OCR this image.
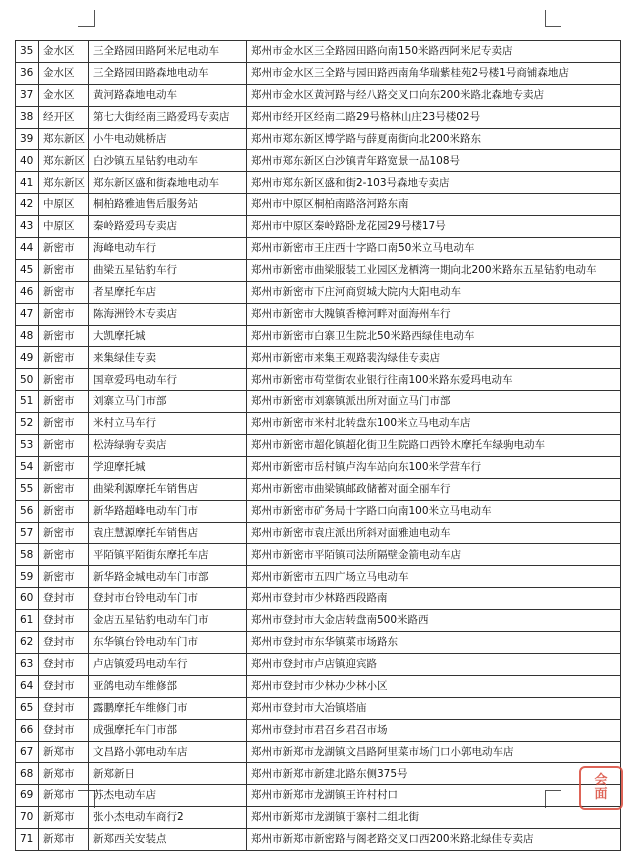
35	金水区	三全路园田路阿米尼电动车	郑州市金水区三全路园田路向南150米路西阿米尼专卖店
36	金水区	三全路园田路森地电动车	郑州市金水区三全路与园田路西南角华瑞紫桂苑2号楼1号商铺森地店
37	金水区	黄河路森地电动车	郑州市金水区黄河路与经八路交叉口向东200米路北森地专卖店
38	经开区	第七大街经南三路爱玛专卖店	郑州市经开区经南二路29号格林山庄23号楼02号
39	郑东新区	小牛电动姚桥店	郑州市郑东新区博学路与薛夏南街向北200米路东
40	郑东新区	白沙镇五星钻豹电动车	郑州市郑东新区白沙镇青年路宽景一品108号
41	郑东新区	郑东新区盛和街森地电动车	郑州市郑东新区盛和街2-103号森地专卖店
42	中原区	桐柏路雅迪售后服务站	郑州市中原区桐柏南路洛河路东南
43	中原区	秦岭路爱玛专卖店	郑州市中原区秦岭路卧龙花园29号楼17号
44	新密市	海峰电动车行	郑州市新密市王庄西十字路口南50米立马电动车
45	新密市	曲梁五星钻豹车行	郑州市新密市曲梁服装工业园区龙栖湾一期向北200米路东五星钻豹电动车
46	新密市	者星摩托车店	郑州市新密市下庄河商贸城大院内大阳电动车
47	新密市	陈海洲铃木专卖店	郑州市新密市大隗镇香樟河畔对面海州车行
48	新密市	大凯摩托城	郑州市新密市白寨卫生院北50米路西绿佳电动车
49	新密市	来集绿佳专卖	郑州市新密市来集王观路裴沟绿佳专卖店
50	新密市	国章爱玛电动车行	郑州市新密市苟堂街农业银行往南100米路东爱玛电动车
51	新密市	刘寨立马门市部	郑州市新密市刘寨镇派出所对面立马门市部
52	新密市	米村立马车行	郑州市新密市米村北转盘东100米立马电动车店
53	新密市	松涛绿驹专卖店	郑州市新密市超化镇超化街卫生院路口西铃木摩托车绿驹电动车
54	新密市	学迎摩托城	郑州市新密市岳村镇卢沟车站向东100米学营车行
55	新密市	曲梁利源摩托车销售店	郑州市新密市曲梁镇邮政储蓄对面全丽车行
56	新密市	新华路超峰电动车门市	郑州市新密市矿务局十字路口向南100米立马电动车
57	新密市	袁庄慧源摩托车销售店	郑州市新密市袁庄派出所斜对面雅迪电动车
58	新密市	平陌镇平陌街东摩托车店	郑州市新密市平陌镇司法所隔壁金箭电动车店
59	新密市	新华路金城电动车门市部	郑州市新密市五四广场立马电动车
60	登封市	登封市台铃电动车门市	郑州市登封市少林路西段路南
61	登封市	金店五星钻豹电动车门市	郑州市登封市大金店转盘南500米路西
62	登封市	东华镇台铃电动车门市	郑州市登封市东华镇菜市场路东
63	登封市	卢店镇爱玛电动车行	郑州市登封市卢店镇迎宾路
64	登封市	亚鸽电动车维修部	郑州市登封市少林办少林小区
65	登封市	露鹏摩托车维修门市	郑州市登封市大冶镇塔庙
66	登封市	成强摩托车门市部	郑州市登封市君召乡君召市场
67	新郑市	文昌路小郭电动车店	郑州市新郑市龙湖镇文昌路阿里菜市场门口小郭电动车店
68	新郑市	新郑新日	郑州市新郑市新建北路东侧375号
69	新郑市	苏杰电动车店	郑州市新郑市龙湖镇王许村村口
70	新郑市	张小杰电动车商行2	郑州市新郑市龙湖镇于寨村二组北街
71	新郑市	新郑西关安装点	郑州市新郑市新密路与阁老路交叉口西200米路北绿佳专卖店
会
面
